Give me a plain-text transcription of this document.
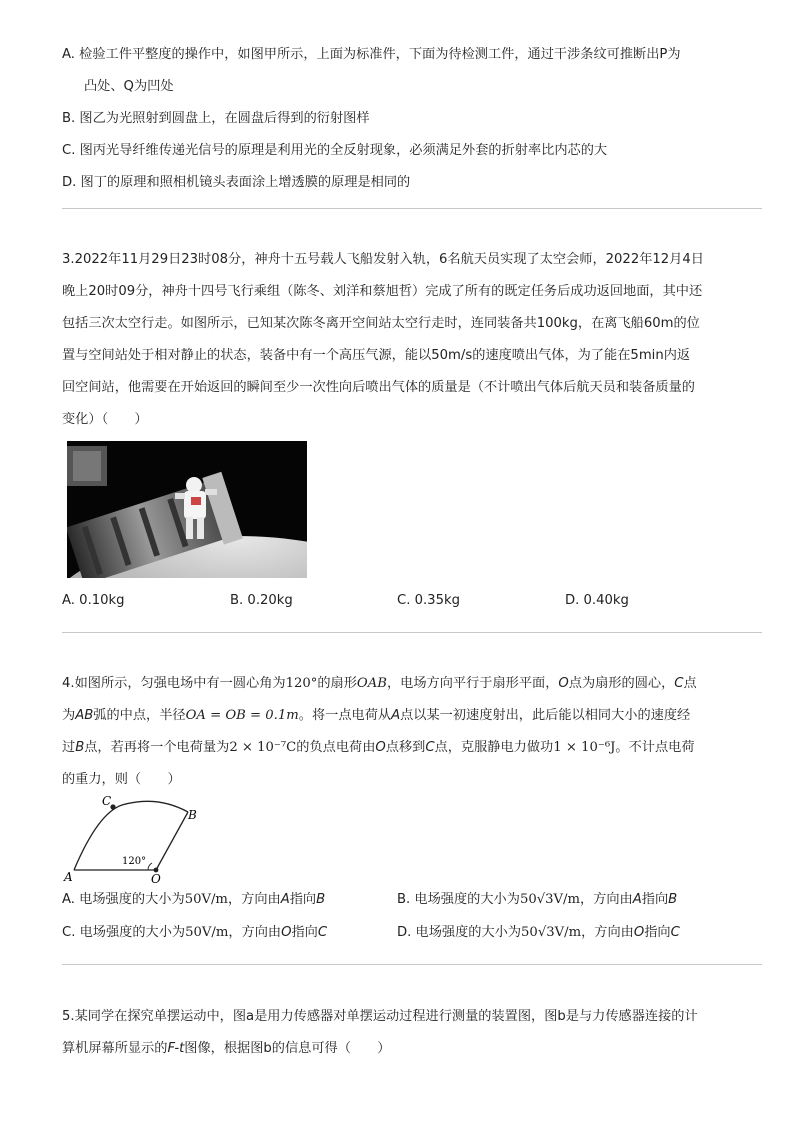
A. 检验工件平整度的操作中，如图甲所示，上面为标准件，下面为待检测工件，通过干涉条纹可推断出P为
凸处、Q为凹处
B. 图乙为光照射到圆盘上，在圆盘后得到的衍射图样
C. 图丙光导纤维传递光信号的原理是利用光的全反射现象，必须满足外套的折射率比内芯的大
D. 图丁的原理和照相机镜头表面涂上增透膜的原理是相同的
3.2022年11月29日23时08分，神舟十五号载人飞船发射入轨，6名航天员实现了太空会师，2022年12月4日
晚上20时09分，神舟十四号飞行乘组（陈冬、刘洋和蔡旭哲）完成了所有的既定任务后成功返回地面，其中还
包括三次太空行走。如图所示，已知某次陈冬离开空间站太空行走时，连同装备共100kg，在离飞船60m的位
置与空间站处于相对静止的状态，装备中有一个高压气源，能以50m/s的速度喷出气体，为了能在5min内返
回空间站，他需要在开始返回的瞬间至少一次性向后喷出气体的质量是（不计喷出气体后航天员和装备质量的
变化）（　　）
A. 0.10kg	B. 0.20kg	C. 0.35kg	D. 0.40kg
4.如图所示，匀强电场中有一圆心角为120°的扇形OAB，电场方向平行于扇形平面，O点为扇形的圆心，C点
为AB弧的中点，半径OA = OB = 0.1m。将一点电荷从A点以某一初速度射出，此后能以相同大小的速度经
过B点，若再将一个电荷量为2 × 10⁻⁷C的负点电荷由O点移到C点，克服静电力做功1 × 10⁻⁶J。不计点电荷
的重力，则（　　）
C
B
A	O
120°
A. 电场强度的大小为50V/m，方向由A指向B	B. 电场强度的大小为50√3V/m，方向由A指向B
C. 电场强度的大小为50V/m，方向由O指向C	D. 电场强度的大小为50√3V/m，方向由O指向C
5.某同学在探究单摆运动中，图a是用力传感器对单摆运动过程进行测量的装置图，图b是与力传感器连接的计
算机屏幕所显示的F-t图像，根据图b的信息可得（　　）
